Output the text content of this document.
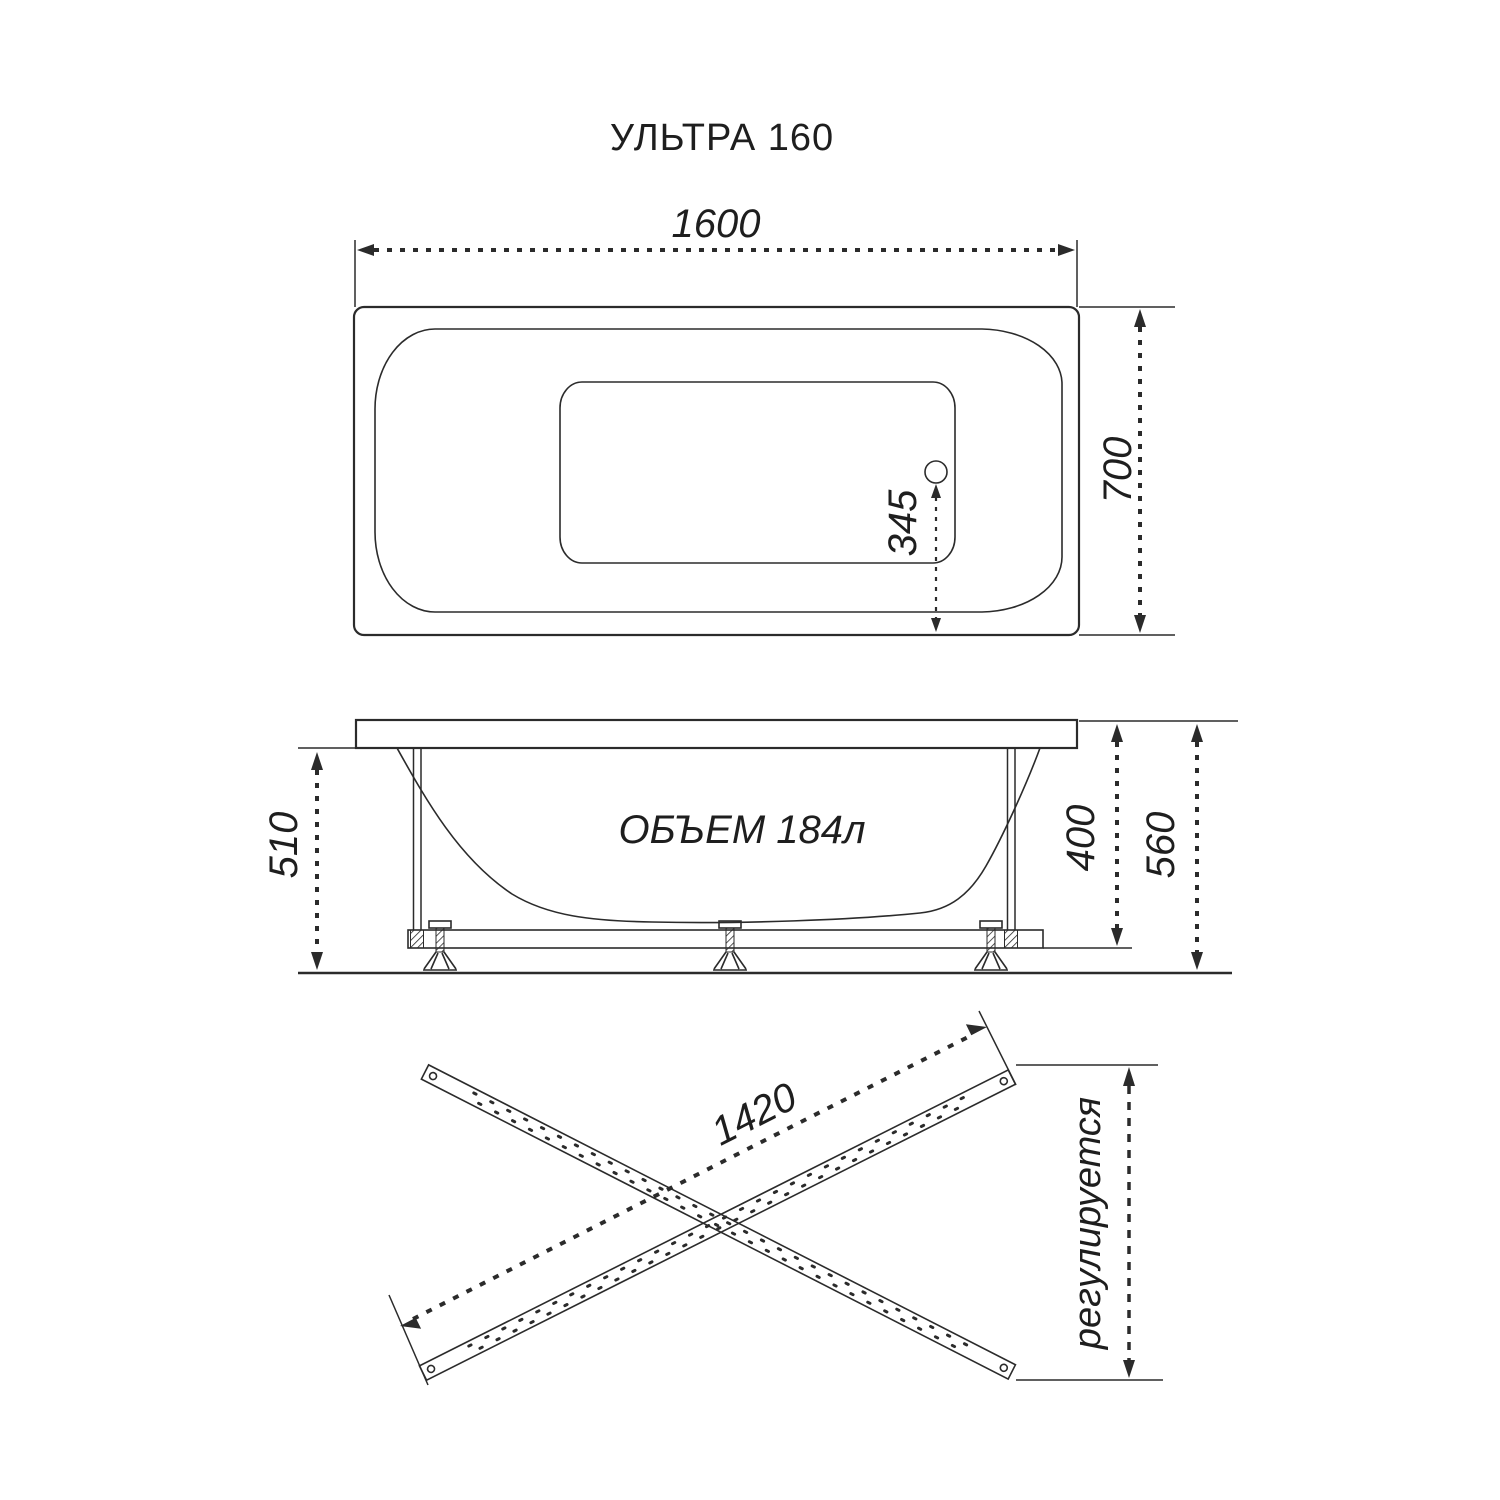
УЛЬТРА 160
1600
345
700
ОБЪЕМ 184л
510	400 560
1420	регулируется
